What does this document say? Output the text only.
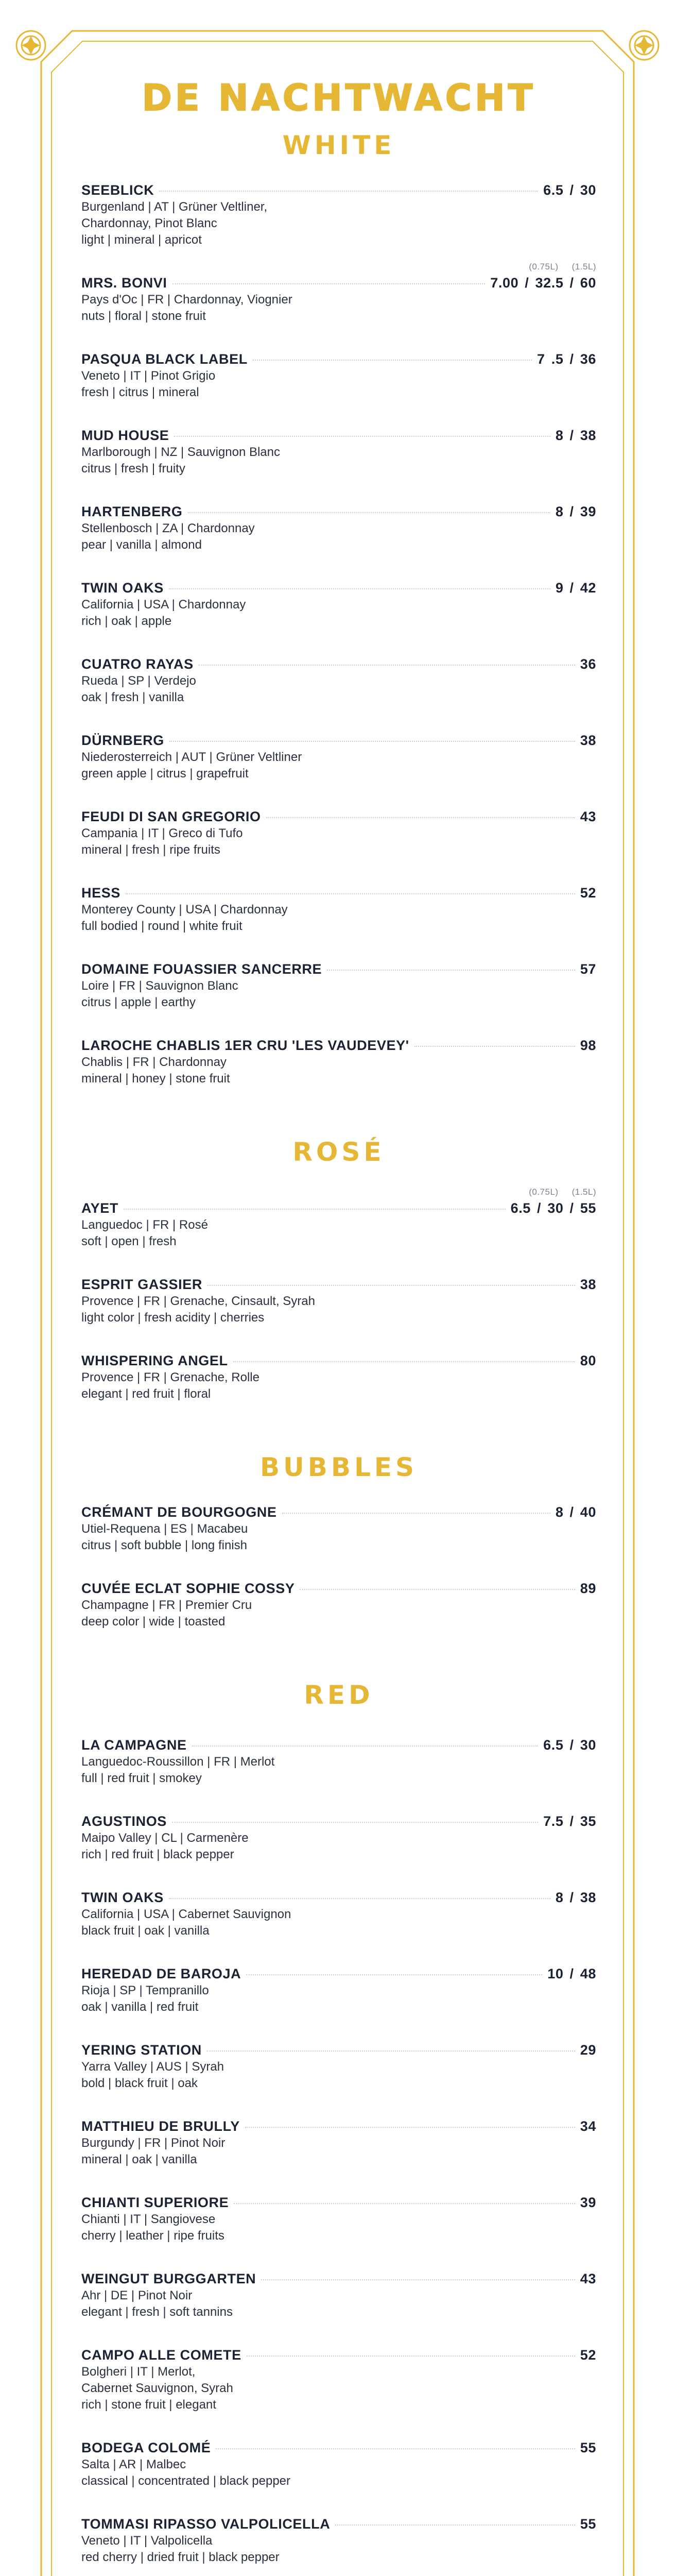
DE NACHTWACHT
WHITE
SEEBLICK	6.5 / 30
Burgenland | AT | Grüner Veltliner,
Chardonnay, Pinot Blanc
light | mineral | apricot
(0.75L) (1.5L)
MRS. BONVI	7.00 / 32.5 / 60
Pays d'Oc | FR | Chardonnay, Viognier
nuts | floral | stone fruit
PASQUA BLACK LABEL	7 .5 / 36
Veneto | IT | Pinot Grigio
fresh | citrus | mineral
MUD HOUSE	8 / 38
Marlborough | NZ | Sauvignon Blanc
citrus | fresh | fruity
HARTENBERG	8 / 39
Stellenbosch | ZA | Chardonnay
pear | vanilla | almond
TWIN OAKS	9 / 42
California | USA | Chardonnay
rich | oak | apple
CUATRO RAYAS	36
Rueda | SP | Verdejo
oak | fresh | vanilla
DÜRNBERG	38
Niederosterreich | AUT | Grüner Veltliner
green apple | citrus | grapefruit
FEUDI DI SAN GREGORIO	43
Campania | IT | Greco di Tufo
mineral | fresh | ripe fruits
HESS	52
Monterey County | USA | Chardonnay
full bodied | round | white fruit
DOMAINE FOUASSIER SANCERRE	57
Loire | FR | Sauvignon Blanc
citrus | apple | earthy
LAROCHE CHABLIS 1ER CRU 'LES VAUDEVEY'	98
Chablis | FR | Chardonnay
mineral | honey | stone fruit
ROSÉ
(0.75L) (1.5L)
AYET	6.5 / 30 / 55
Languedoc | FR | Rosé
soft | open | fresh
ESPRIT GASSIER	38
Provence | FR | Grenache, Cinsault, Syrah
light color | fresh acidity | cherries
WHISPERING ANGEL	80
Provence | FR | Grenache, Rolle
elegant | red fruit | floral
BUBBLES
CRÉMANT DE BOURGOGNE	8 / 40
Utiel-Requena | ES | Macabeu
citrus | soft bubble | long finish
CUVÉE ECLAT SOPHIE COSSY	89
Champagne | FR | Premier Cru
deep color | wide | toasted
RED
LA CAMPAGNE	6.5 / 30
Languedoc-Roussillon | FR | Merlot
full | red fruit | smokey
AGUSTINOS	7.5 / 35
Maipo Valley | CL | Carmenère
rich | red fruit | black pepper
TWIN OAKS	8 / 38
California | USA | Cabernet Sauvignon
black fruit | oak | vanilla
HEREDAD DE BAROJA	10 / 48
Rioja | SP | Tempranillo
oak | vanilla | red fruit
YERING STATION	29
Yarra Valley | AUS | Syrah
bold | black fruit | oak
MATTHIEU DE BRULLY	34
Burgundy | FR | Pinot Noir
mineral | oak | vanilla
CHIANTI SUPERIORE	39
Chianti | IT | Sangiovese
cherry | leather | ripe fruits
WEINGUT BURGGARTEN	43
Ahr | DE | Pinot Noir
elegant | fresh | soft tannins
CAMPO ALLE COMETE	52
Bolgheri | IT | Merlot,
Cabernet Sauvignon, Syrah
rich | stone fruit | elegant
BODEGA COLOMÉ	55
Salta | AR | Malbec
classical | concentrated | black pepper
TOMMASI RIPASSO VALPOLICELLA	55
Veneto | IT | Valpolicella
red cherry | dried fruit | black pepper
